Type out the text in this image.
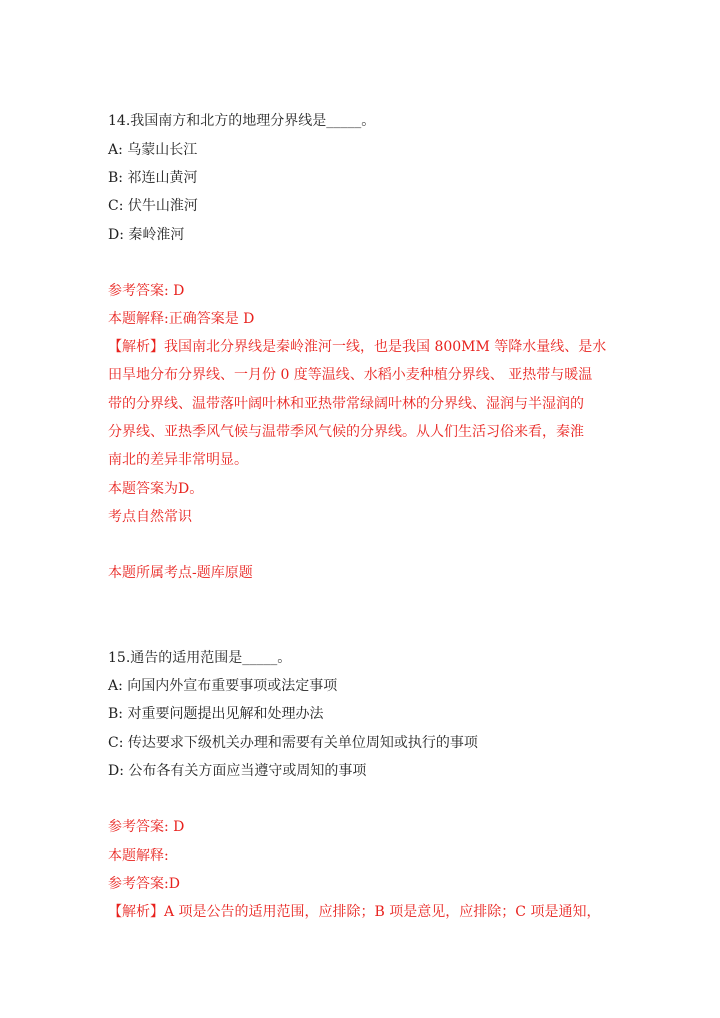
14.我国南方和北方的地理分界线是_____。
A: 乌蒙山长江
B: 祁连山黄河
C: 伏牛山淮河
D: 秦岭淮河
参考答案: D
本题解释:正确答案是 D
【解析】我国南北分界线是秦岭淮河一线，也是我国 800MM 等降水量线、是水
田旱地分布分界线、一月份 0 度等温线、水稻小麦种植分界线、 亚热带与暖温
带的分界线、温带落叶阔叶林和亚热带常绿阔叶林的分界线、湿润与半湿润的
分界线、亚热季风气候与温带季风气候的分界线。从人们生活习俗来看，秦淮
南北的差异非常明显。
本题答案为D。
考点自然常识
本题所属考点-题库原题
15.通告的适用范围是_____。
A: 向国内外宣布重要事项或法定事项
B: 对重要问题提出见解和处理办法
C: 传达要求下级机关办理和需要有关单位周知或执行的事项
D: 公布各有关方面应当遵守或周知的事项
参考答案: D
本题解释:
参考答案:D
【解析】A 项是公告的适用范围，应排除；B 项是意见，应排除；C 项是通知，
